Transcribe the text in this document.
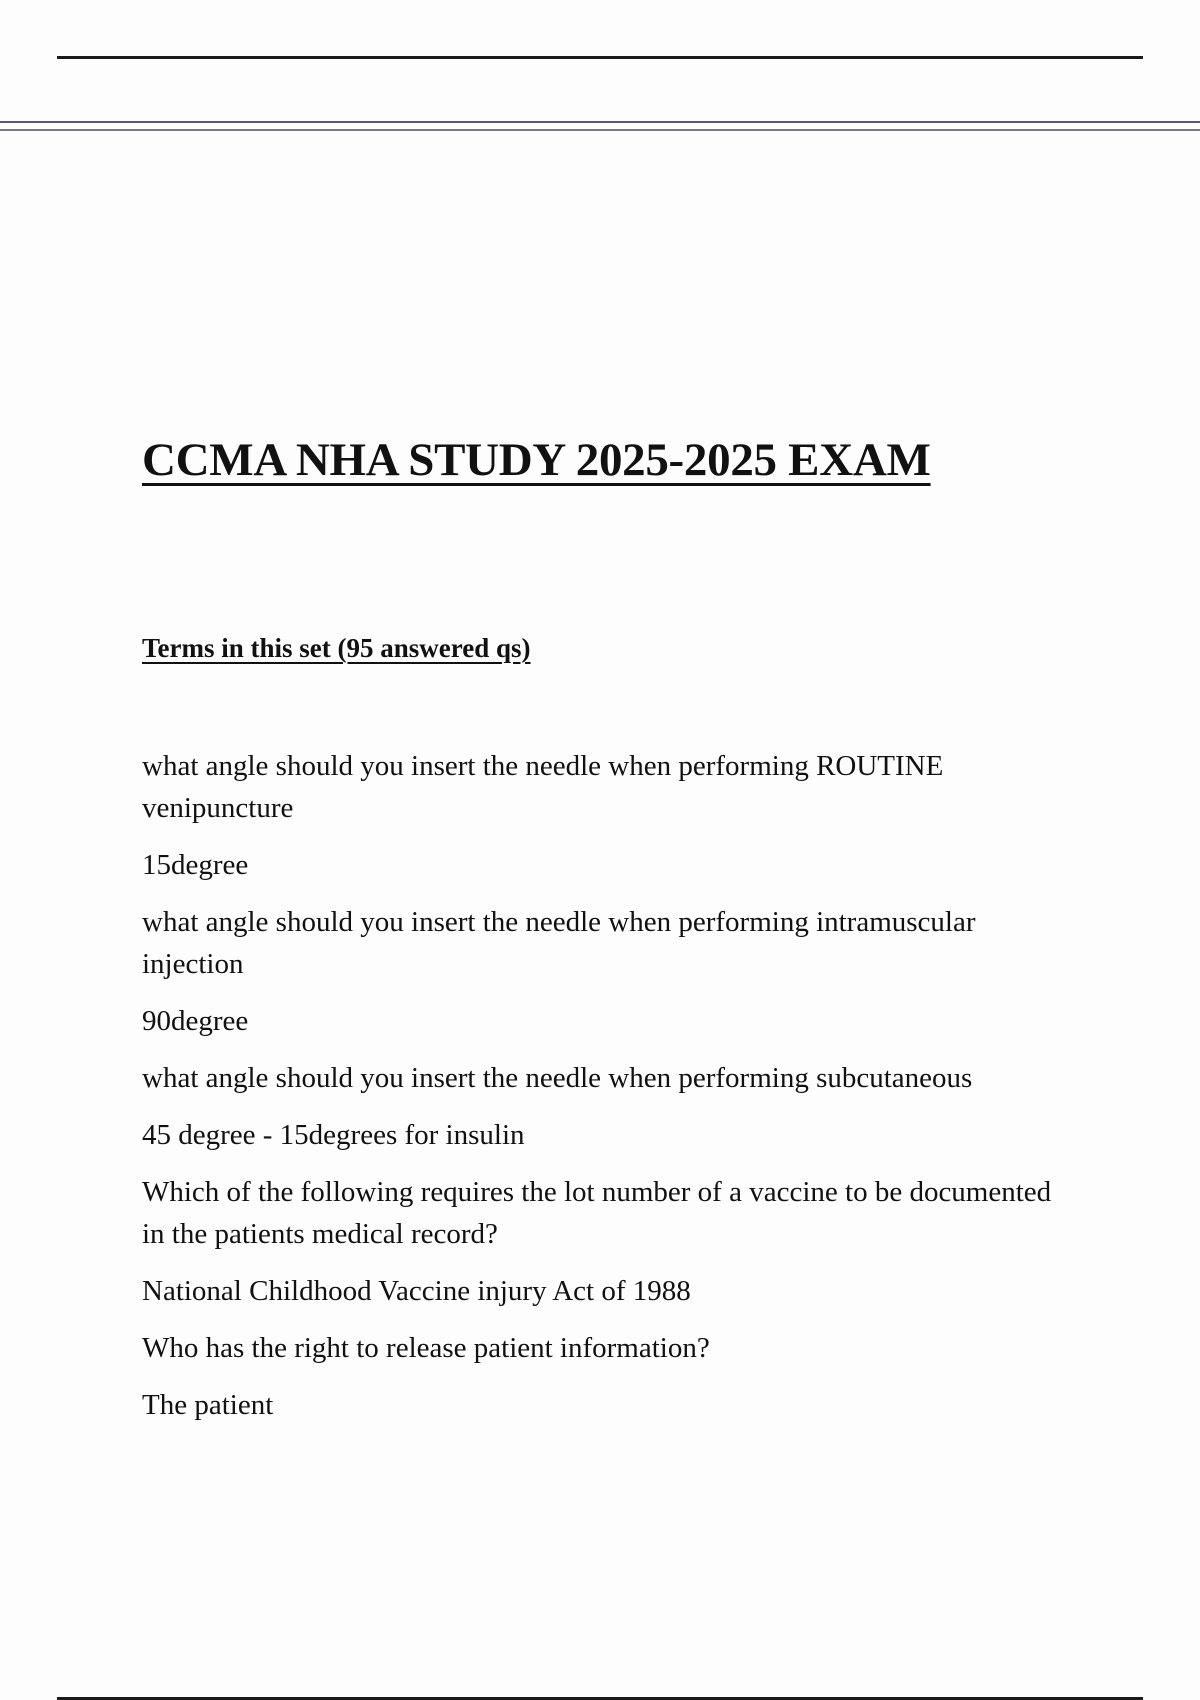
CCMA NHA STUDY 2025-2025 EXAM
Terms in this set (95 answered qs)

what angle should you insert the needle when performing ROUTINE venipuncture

15degree

what angle should you insert the needle when performing intramuscular injection

90degree

what angle should you insert the needle when performing subcutaneous

45 degree - 15degrees for insulin

Which of the following requires the lot number of a vaccine to be documented in the patients medical record?

National Childhood Vaccine injury Act of 1988

Who has the right to release patient information?

The patient
